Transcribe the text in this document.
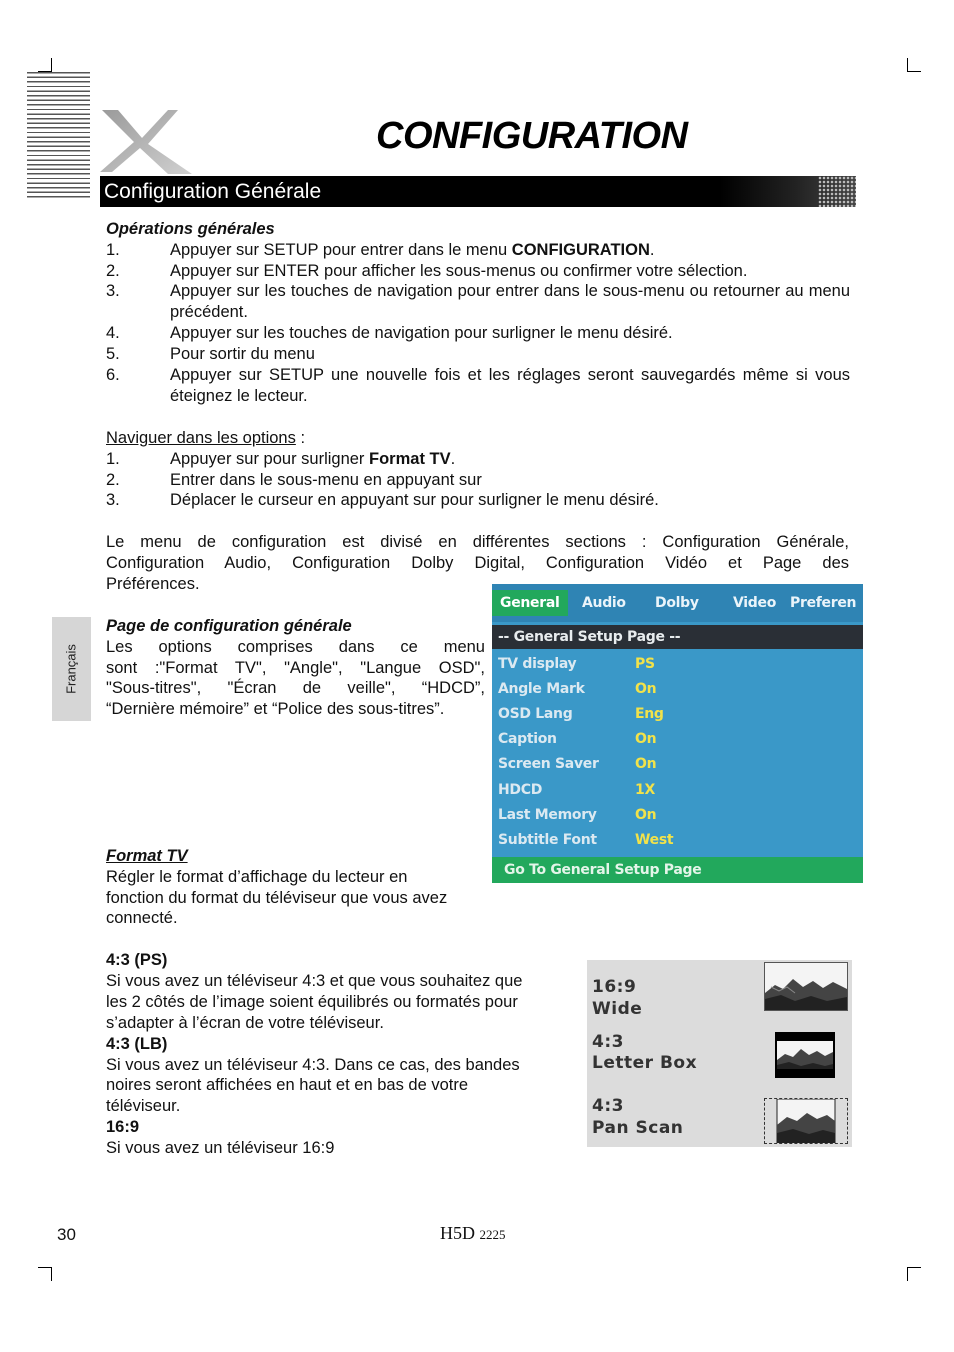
CONFIGURATION
Configuration Générale
Français
Opérations générales
1.	Appuyer sur SETUP pour entrer dans le menu CONFIGURATION.
2.	Appuyer sur ENTER pour afficher les sous-menus ou confirmer votre sélection.
3.	Appuyer sur les touches de navigation pour entrer dans le sous-menu ou retourner au menu précédent.
4.	Appuyer sur les touches de navigation pour surligner le menu désiré.
5.	Pour sortir du menu
6.	Appuyer sur SETUP une nouvelle fois et les réglages seront sauvegardés même si vous éteignez le lecteur.
Naviguer dans les options :
1.	Appuyer sur pour surligner Format TV.
2.	Entrer dans le sous-menu en appuyant sur
3.	Déplacer le curseur en appuyant sur pour surligner le menu désiré.
Le menu de configuration est divisé en différentes sections : Configuration Générale,
Configuration Audio, Configuration Dolby Digital, Configuration Vidéo et Page des
Préférences.
Page de configuration générale
Les options comprises dans ce menu
sont :"Format TV", "Angle", "Langue OSD",
"Sous-titres", "Écran de veille", “HDCD”,
“Dernière mémoire” et “Police des sous-titres”.
General	Audio Dolby Video Preferen
-- General Setup Page --
TV display	PS
Angle Mark	On
OSD Lang	Eng
Caption	On
Screen Saver	On
HDCD	1X
Last Memory	On
Subtitle Font	West
Go To General Setup Page
Format TV
Régler le format d’affichage du lecteur en
fonction du format du téléviseur que vous avez
connecté.
4:3 (PS)
Si vous avez un téléviseur 4:3 et que vous souhaitez que
les 2 côtés de l’image soient équilibrés ou formatés pour
s’adapter à l’écran de votre téléviseur.
4:3 (LB)
Si vous avez un téléviseur 4:3. Dans ce cas, des bandes
noires seront affichées en haut et en bas de votre
téléviseur.
16:9
Si vous avez un téléviseur 16:9
16:9
Wide
4:3
Letter Box
4:3
Pan Scan
30	H5D 2225
